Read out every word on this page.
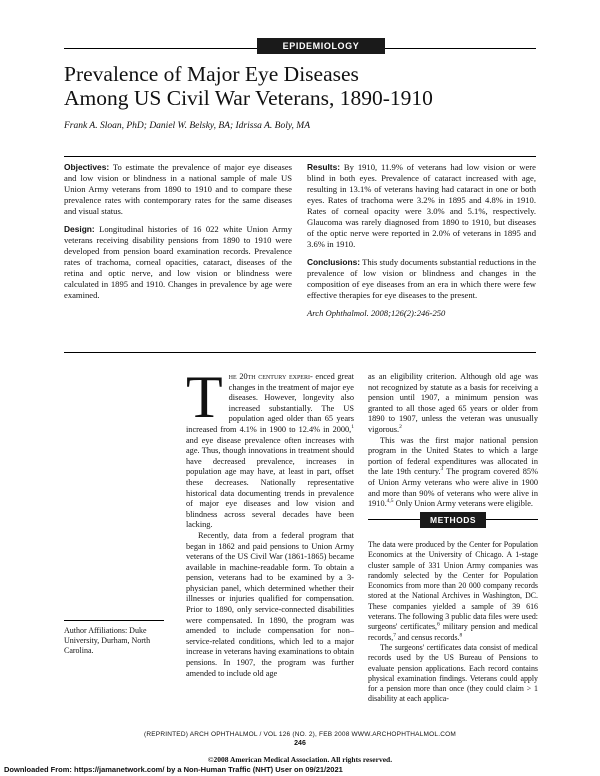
EPIDEMIOLOGY
Prevalence of Major Eye Diseases
Among US Civil War Veterans, 1890-1910
Frank A. Sloan, PhD; Daniel W. Belsky, BA; Idrissa A. Boly, MA

Objectives: To estimate the prevalence of major eye diseases and low vision or blindness in a national sample of male US Union Army veterans from 1890 to 1910 and to compare these prevalence rates with contemporary rates for the same diseases and visual status.

Design: Longitudinal histories of 16 022 white Union Army veterans receiving disability pensions from 1890 to 1910 were developed from pension board examination records. Prevalence rates of trachoma, corneal opacities, cataract, diseases of the retina and optic nerve, and low vision or blindness were calculated in 1895 and 1910. Changes in prevalence by age were examined.

Results: By 1910, 11.9% of veterans had low vision or were blind in both eyes. Prevalence of cataract increased with age, resulting in 13.1% of veterans having had cataract in one or both eyes. Rates of trachoma were 3.2% in 1895 and 4.8% in 1910. Rates of corneal opacity were 3.0% and 5.1%, respectively. Glaucoma was rarely diagnosed from 1890 to 1910, but diseases of the optic nerve were reported in 2.0% of veterans in 1895 and 3.6% in 1910.

Conclusions: This study documents substantial reductions in the prevalence of low vision or blindness and changes in the composition of eye diseases from an era in which there were few effective therapies for eye diseases to the present.

Arch Ophthalmol. 2008;126(2):246-250

The 20th century experi- enced great changes in the treatment of major eye diseases. However, longevity also increased substantially. The US population aged older than 65 years increased from 4.1% in 1900 to 12.4% in 2000,$^1$ and eye disease prevalence often increases with age. Thus, though innovations in treatment should have decreased prevalence, increases in population age may have, at least in part, offset these decreases. Nationally representative historical data documenting trends in prevalence of major eye diseases and low vision and blindness across several decades have been lacking.

Recently, data from a federal program that began in 1862 and paid pensions to Union Army veterans of the US Civil War (1861-1865) became available in machine-readable form. To obtain a pension, veterans had to be examined by a 3-physician panel, which determined whether their illnesses or injuries qualified for compensation. Prior to 1890, only service-connected disabilities were compensated. In 1890, the program was amended to include compensation for non–service-related conditions, which led to a major increase in veterans having examinations to obtain pensions. In 1907, the program was further amended to include old age

Author Affiliations: Duke University, Durham, North Carolina.

as an eligibility criterion. Although old age was not recognized by statute as a basis for receiving a pension until 1907, a minimum pension was granted to all those aged 65 years or older from 1890 to 1907, unless the veteran was unusually vigorous.$^2$

This was the first major national pension program in the United States to which a large portion of federal expenditures was allocated in the late 19th century.$^3$ The program covered 85% of Union Army veterans who were alive in 1900 and more than 90% of veterans who were alive in 1910.$^{4,5}$ Only Union Army veterans were eligible.

METHODS

The data were produced by the Center for Population Economics at the University of Chicago. A 1-stage cluster sample of 331 Union Army companies was randomly selected by the Center for Population Economics from more than 20 000 company records stored at the National Archives in Washington, DC. These companies yielded a sample of 39 616 veterans. The following 3 public data files were used: surgeons' certificates,$^6$ military pension and medical records,$^7$ and census records.$^8$

The surgeons' certificates data consist of medical records used by the US Bureau of Pensions to evaluate pension applications. Each record contains physical examination findings. Veterans could apply for a pension more than once (they could claim > 1 disability at each applica-

(REPRINTED) ARCH OPHTHALMOL / VOL 126 (NO. 2), FEB 2008 WWW.ARCHOPHTHALMOL.COM
246
©2008 American Medical Association. All rights reserved.
Downloaded From: https://jamanetwork.com/ by a Non-Human Traffic (NHT) User on 09/21/2021
